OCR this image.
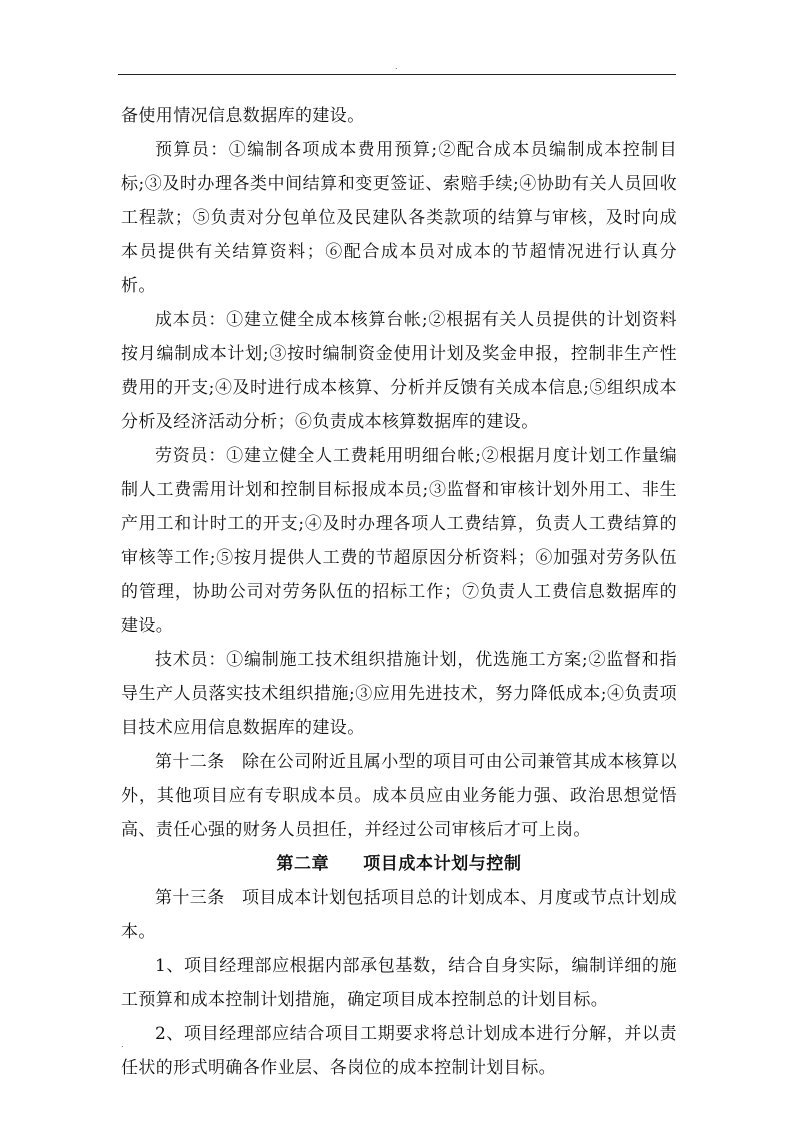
.

备使用情况信息数据库的建设。

预算员：①编制各项成本费用预算;②配合成本员编制成本控制目标;③及时办理各类中间结算和变更签证、索赔手续;④协助有关人员回收工程款；⑤负责对分包单位及民建队各类款项的结算与审核，及时向成本员提供有关结算资料；⑥配合成本员对成本的节超情况进行认真分析。

成本员：①建立健全成本核算台帐;②根据有关人员提供的计划资料按月编制成本计划;③按时编制资金使用计划及奖金申报，控制非生产性费用的开支;④及时进行成本核算、分析并反馈有关成本信息;⑤组织成本分析及经济活动分析；⑥负责成本核算数据库的建设。

劳资员：①建立健全人工费耗用明细台帐;②根据月度计划工作量编制人工费需用计划和控制目标报成本员;③监督和审核计划外用工、非生产用工和计时工的开支;④及时办理各项人工费结算，负责人工费结算的审核等工作;⑤按月提供人工费的节超原因分析资料；⑥加强对劳务队伍的管理，协助公司对劳务队伍的招标工作；⑦负责人工费信息数据库的建设。

技术员：①编制施工技术组织措施计划，优选施工方案;②监督和指导生产人员落实技术组织措施;③应用先进技术，努力降低成本;④负责项目技术应用信息数据库的建设。

第十二条　除在公司附近且属小型的项目可由公司兼管其成本核算以外，其他项目应有专职成本员。成本员应由业务能力强、政治思想觉悟高、责任心强的财务人员担任，并经过公司审核后才可上岗。

第二章 项目成本计划与控制

第十三条　项目成本计划包括项目总的计划成本、月度或节点计划成本。

1、项目经理部应根据内部承包基数，结合自身实际，编制详细的施工预算和成本控制计划措施，确定项目成本控制总的计划目标。

2、项目经理部应结合项目工期要求将总计划成本进行分解，并以责任状的形式明确各作业层、各岗位的成本控制计划目标。

.
